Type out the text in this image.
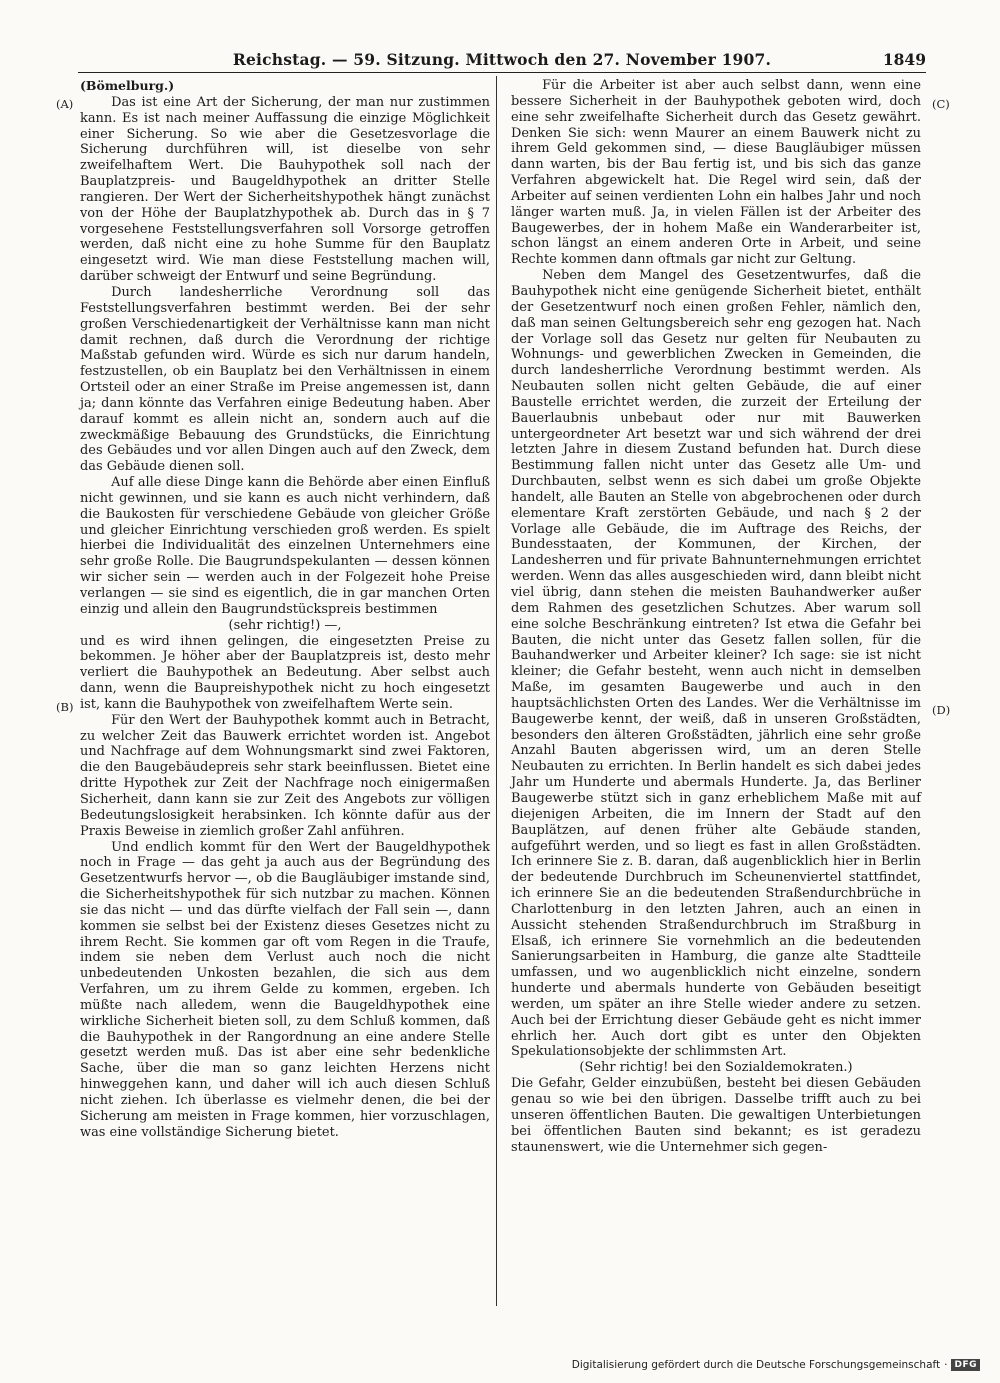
Reichstag. — 59. Sitzung. Mittwoch den 27. November 1907.	1849
(A)
(B)
(C)
(D)
(Bömelburg.)

Das ist eine Art der Sicherung, der man nur zustimmen kann. Es ist nach meiner Auffassung die einzige Möglichkeit einer Sicherung. So wie aber die Gesetzesvorlage die Sicherung durchführen will, ist dieselbe von sehr zweifelhaftem Wert. Die Bauhypothek soll nach der Bauplatzpreis- und Baugeldhypothek an dritter Stelle rangieren. Der Wert der Sicherheitshypothek hängt zunächst von der Höhe der Bauplatzhypothek ab. Durch das in § 7 vorgesehene Feststellungsverfahren soll Vorsorge getroffen werden, daß nicht eine zu hohe Summe für den Bauplatz eingesetzt wird. Wie man diese Feststellung machen will, darüber schweigt der Entwurf und seine Begründung.

Durch landesherrliche Verordnung soll das Feststellungsverfahren bestimmt werden. Bei der sehr großen Verschiedenartigkeit der Verhältnisse kann man nicht damit rechnen, daß durch die Verordnung der richtige Maßstab gefunden wird. Würde es sich nur darum handeln, festzustellen, ob ein Bauplatz bei den Verhältnissen in einem Ortsteil oder an einer Straße im Preise angemessen ist, dann ja; dann könnte das Verfahren einige Bedeutung haben. Aber darauf kommt es allein nicht an, sondern auch auf die zweckmäßige Bebauung des Grundstücks, die Einrichtung des Gebäudes und vor allen Dingen auch auf den Zweck, dem das Gebäude dienen soll.

Auf alle diese Dinge kann die Behörde aber einen Einfluß nicht gewinnen, und sie kann es auch nicht verhindern, daß die Baukosten für verschiedene Gebäude von gleicher Größe und gleicher Einrichtung verschieden groß werden. Es spielt hierbei die Individualität des einzelnen Unternehmers eine sehr große Rolle. Die Baugrundspekulanten — dessen können wir sicher sein — werden auch in der Folgezeit hohe Preise verlangen — sie sind es eigentlich, die in gar manchen Orten einzig und allein den Baugrundstückspreis bestimmen

(sehr richtig!) —,

und es wird ihnen gelingen, die eingesetzten Preise zu bekommen. Je höher aber der Bauplatzpreis ist, desto mehr verliert die Bauhypothek an Bedeutung. Aber selbst auch dann, wenn die Baupreishypothek nicht zu hoch eingesetzt ist, kann die Bauhypothek von zweifelhaftem Werte sein.

Für den Wert der Bauhypothek kommt auch in Betracht, zu welcher Zeit das Bauwerk errichtet worden ist. Angebot und Nachfrage auf dem Wohnungsmarkt sind zwei Faktoren, die den Baugebäudepreis sehr stark beeinflussen. Bietet eine dritte Hypothek zur Zeit der Nachfrage noch einigermaßen Sicherheit, dann kann sie zur Zeit des Angebots zur völligen Bedeutungslosigkeit herabsinken. Ich könnte dafür aus der Praxis Beweise in ziemlich großer Zahl anführen.

Und endlich kommt für den Wert der Baugeldhypothek noch in Frage — das geht ja auch aus der Begründung des Gesetzentwurfs hervor —, ob die Baugläubiger imstande sind, die Sicherheitshypothek für sich nutzbar zu machen. Können sie das nicht — und das dürfte vielfach der Fall sein —, dann kommen sie selbst bei der Existenz dieses Gesetzes nicht zu ihrem Recht. Sie kommen gar oft vom Regen in die Traufe, indem sie neben dem Verlust auch noch die nicht unbedeutenden Unkosten bezahlen, die sich aus dem Verfahren, um zu ihrem Gelde zu kommen, ergeben. Ich müßte nach alledem, wenn die Baugeldhypothek eine wirkliche Sicherheit bieten soll, zu dem Schluß kommen, daß die Bauhypothek in der Rangordnung an eine andere Stelle gesetzt werden muß. Das ist aber eine sehr bedenkliche Sache, über die man so ganz leichten Herzens nicht hinweggehen kann, und daher will ich auch diesen Schluß nicht ziehen. Ich überlasse es vielmehr denen, die bei der Sicherung am meisten in Frage kommen, hier vorzuschlagen, was eine vollständige Sicherung bietet.

Für die Arbeiter ist aber auch selbst dann, wenn eine bessere Sicherheit in der Bauhypothek geboten wird, doch eine sehr zweifelhafte Sicherheit durch das Gesetz gewährt. Denken Sie sich: wenn Maurer an einem Bauwerk nicht zu ihrem Geld gekommen sind, — diese Baugläubiger müssen dann warten, bis der Bau fertig ist, und bis sich das ganze Verfahren abgewickelt hat. Die Regel wird sein, daß der Arbeiter auf seinen verdienten Lohn ein halbes Jahr und noch länger warten muß. Ja, in vielen Fällen ist der Arbeiter des Baugewerbes, der in hohem Maße ein Wanderarbeiter ist, schon längst an einem anderen Orte in Arbeit, und seine Rechte kommen dann oftmals gar nicht zur Geltung.

Neben dem Mangel des Gesetzentwurfes, daß die Bauhypothek nicht eine genügende Sicherheit bietet, enthält der Gesetzentwurf noch einen großen Fehler, nämlich den, daß man seinen Geltungsbereich sehr eng gezogen hat. Nach der Vorlage soll das Gesetz nur gelten für Neubauten zu Wohnungs- und gewerblichen Zwecken in Gemeinden, die durch landesherrliche Verordnung bestimmt werden. Als Neubauten sollen nicht gelten Gebäude, die auf einer Baustelle errichtet werden, die zurzeit der Erteilung der Bauerlaubnis unbebaut oder nur mit Bauwerken untergeordneter Art besetzt war und sich während der drei letzten Jahre in diesem Zustand befunden hat. Durch diese Bestimmung fallen nicht unter das Gesetz alle Um- und Durchbauten, selbst wenn es sich dabei um große Objekte handelt, alle Bauten an Stelle von abgebrochenen oder durch elementare Kraft zerstörten Gebäude, und nach § 2 der Vorlage alle Gebäude, die im Auftrage des Reichs, der Bundesstaaten, der Kommunen, der Kirchen, der Landesherren und für private Bahnunternehmungen errichtet werden. Wenn das alles ausgeschieden wird, dann bleibt nicht viel übrig, dann stehen die meisten Bauhandwerker außer dem Rahmen des gesetzlichen Schutzes. Aber warum soll eine solche Beschränkung eintreten? Ist etwa die Gefahr bei Bauten, die nicht unter das Gesetz fallen sollen, für die Bauhandwerker und Arbeiter kleiner? Ich sage: sie ist nicht kleiner; die Gefahr besteht, wenn auch nicht in demselben Maße, im gesamten Baugewerbe und auch in den hauptsächlichsten Orten des Landes. Wer die Verhältnisse im Baugewerbe kennt, der weiß, daß in unseren Großstädten, besonders den älteren Großstädten, jährlich eine sehr große Anzahl Bauten abgerissen wird, um an deren Stelle Neubauten zu errichten. In Berlin handelt es sich dabei jedes Jahr um Hunderte und abermals Hunderte. Ja, das Berliner Baugewerbe stützt sich in ganz erheblichem Maße mit auf diejenigen Arbeiten, die im Innern der Stadt auf den Bauplätzen, auf denen früher alte Gebäude standen, aufgeführt werden, und so liegt es fast in allen Großstädten. Ich erinnere Sie z. B. daran, daß augenblicklich hier in Berlin der bedeutende Durchbruch im Scheunenviertel stattfindet, ich erinnere Sie an die bedeutenden Straßendurchbrüche in Charlottenburg in den letzten Jahren, auch an einen in Aussicht stehenden Straßendurchbruch im Straßburg in Elsaß, ich erinnere Sie vornehmlich an die bedeutenden Sanierungsarbeiten in Hamburg, die ganze alte Stadtteile umfassen, und wo augenblicklich nicht einzelne, sondern hunderte und abermals hunderte von Gebäuden beseitigt werden, um später an ihre Stelle wieder andere zu setzen. Auch bei der Errichtung dieser Gebäude geht es nicht immer ehrlich her. Auch dort gibt es unter den Objekten Spekulationsobjekte der schlimmsten Art.

(Sehr richtig! bei den Sozialdemokraten.)

Die Gefahr, Gelder einzubüßen, besteht bei diesen Gebäuden genau so wie bei den übrigen. Dasselbe trifft auch zu bei unseren öffentlichen Bauten. Die gewaltigen Unterbietungen bei öffentlichen Bauten sind bekannt; es ist geradezu staunenswert, wie die Unternehmer sich gegen-

Digitalisierung gefördert durch die Deutsche Forschungsgemeinschaft · DFG
